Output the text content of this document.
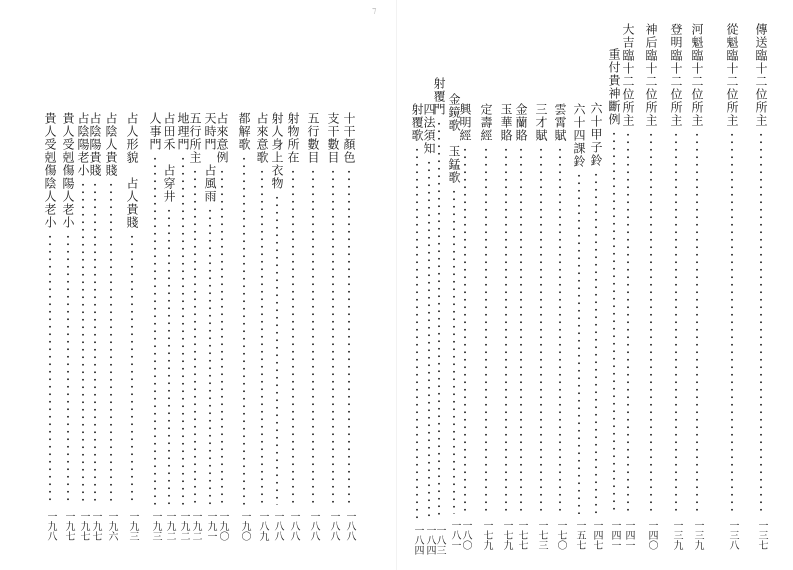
十干顏色
一八八
支干數目
一八八
五行數目
一八八
射物所在
一八八
射人身上衣物
一八八
占來意歌
一八九
都解歌
一九〇
占來意例
一九〇
天時門　占風雨
一九一
五行所主
一九二
地理門
一九二
占田禾　占穿井
一九二
人事門
一九三
占人形貌　占人貴賤
一九三
占陰人貴賤
一九六
占陰陽貴賤
一九七
占陰陽老小
一九七
貴人受剋傷陽人老小
一九七
貴人受剋傷陰人老小
一九八
傳送臨十二位所主
一三七
從魁臨十二位所主
一三八
河魁臨十二位所主
一三九
登明臨十二位所主
一三九
神后臨十二位所主
一四〇
大吉臨十二位所主
一四一
重付貴神斷例
一四一
六十甲子鈴
一四七
六十四課鈴
一五七
雲霄賦
一七〇
三才賦
一七三
金蘭賂
一七七
玉華賂
一七九
定壽經
一七九
興明經
一八〇
金鏡歌　玉錳歌
一八一
射覆門
一八三
四法須知
一八四
射覆歌
一八四
⁊
